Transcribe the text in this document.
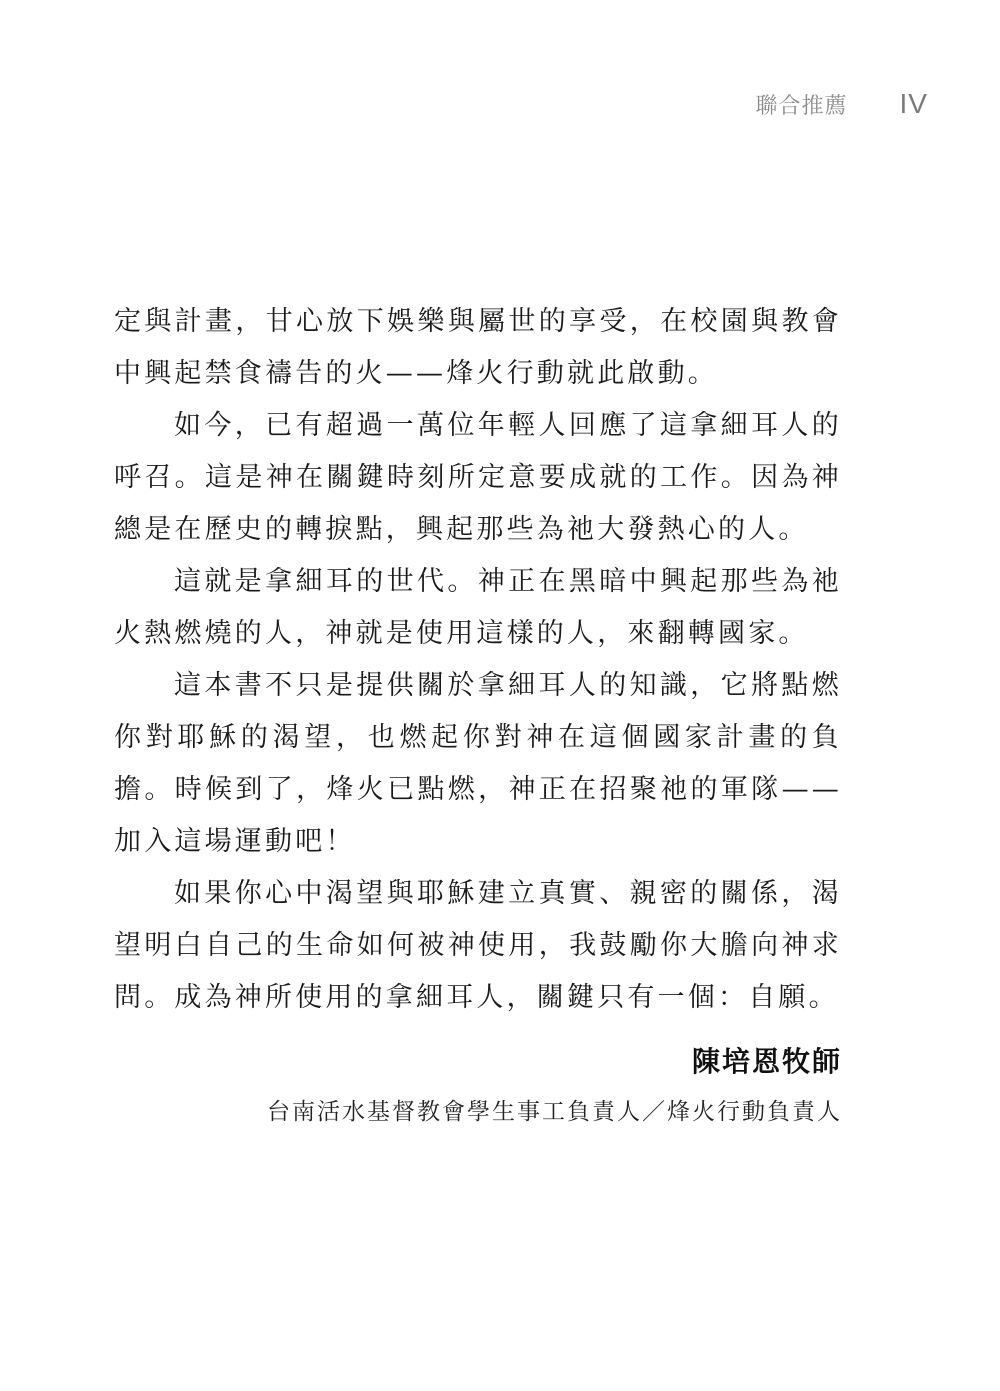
聯合推薦 IV

定與計畫，甘心放下娛樂與屬世的享受，在校園與教會中興起禁食禱告的火——烽火行動就此啟動。

如今，已有超過一萬位年輕人回應了這拿細耳人的呼召。這是神在關鍵時刻所定意要成就的工作。因為神總是在歷史的轉捩點，興起那些為祂大發熱心的人。

這就是拿細耳的世代。神正在黑暗中興起那些為祂火熱燃燒的人，神就是使用這樣的人，來翻轉國家。

這本書不只是提供關於拿細耳人的知識，它將點燃你對耶穌的渴望，也燃起你對神在這個國家計畫的負擔。時候到了，烽火已點燃，神正在招聚祂的軍隊——加入這場運動吧！

如果你心中渴望與耶穌建立真實、親密的關係，渴望明白自己的生命如何被神使用，我鼓勵你大膽向神求問。成為神所使用的拿細耳人，關鍵只有一個：自願。

陳培恩牧師
台南活水基督教會學生事工負責人／烽火行動負責人
